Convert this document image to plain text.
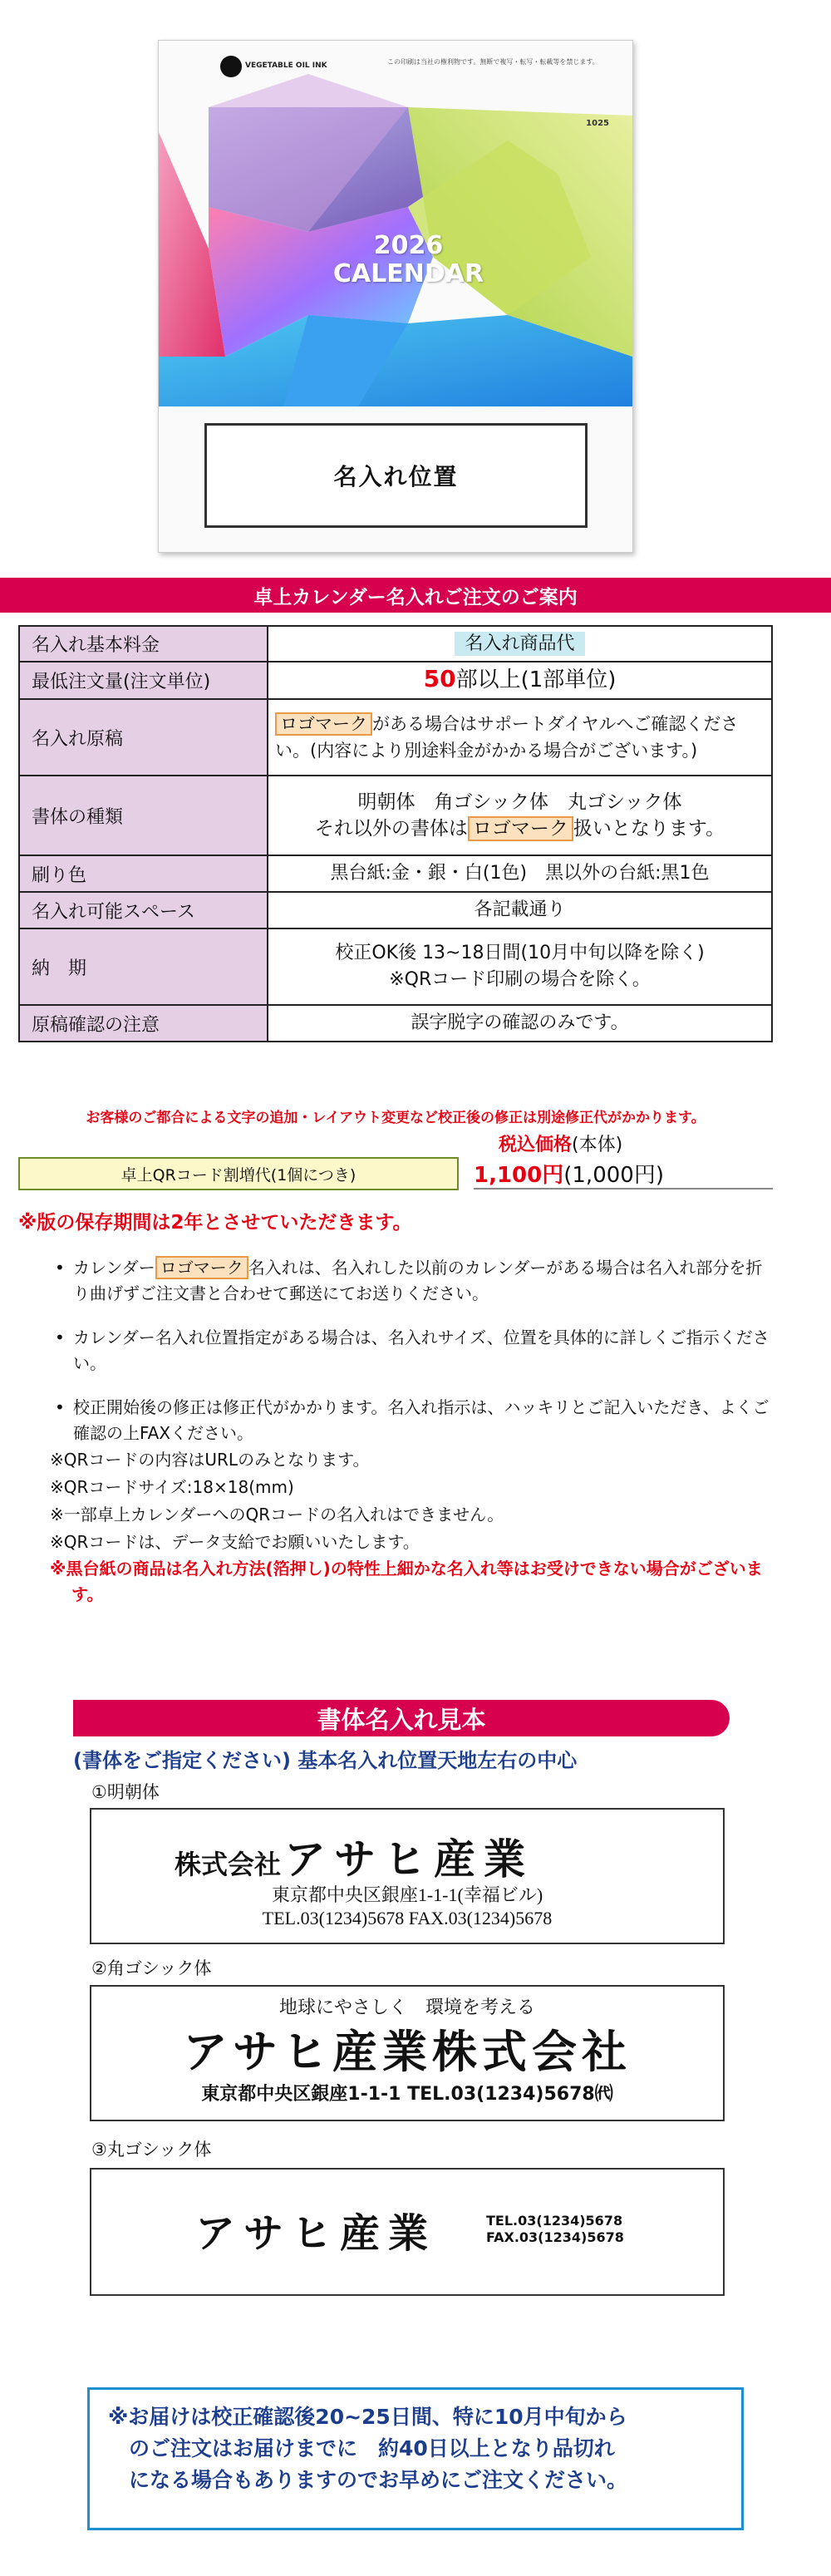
VEGETABLE OIL INK	この印刷は当社の権利物です。無断で複写・転写・転載等を禁じます。
1025
2026
CALENDAR
名入れ位置
卓上カレンダー名入れご注文のご案内
名入れ基本料金	名入れ商品代
最低注文量(注文単位)	50部以上(1部単位)
名入れ原稿	ロゴマーク がある場合はサポートダイヤルへご確認くださ
い。(内容により別途料金がかかる場合がございます。)

書体の種類	明朝体　角ゴシック体　丸ゴシック体
それ以外の書体は ロゴマーク 扱いとなります。

刷り色	黒台紙:金・銀・白(1色)　黒以外の台紙:黒1色
名入れ可能スペース	各記載通り
納　期	校正OK後 13~18日間(10月中旬以降を除く)
※QRコード印刷の場合を除く。

原稿確認の注意	誤字脱字の確認のみです。
お客様のご都合による文字の追加・レイアウト変更など校正後の修正は別途修正代がかかります。
税込価格(本体)
卓上QRコード割増代(1個につき)	1,100円 (1,000円)
※版の保存期間は2年とさせていただきます。
• カレンダー ロゴマーク 名入れは、名入れした以前のカレンダーがある場合は名入れ部分を折り曲げずご注文書と合わせて郵送にてお送りください。
• カレンダー名入れ位置指定がある場合は、名入れサイズ、位置を具体的に詳しくご指示ください。
• 校正開始後の修正は修正代がかかります。名入れ指示は、ハッキリとご記入いただき、よくご確認の上FAXください。
※QRコードの内容はURLのみとなります。
※QRコードサイズ:18×18(mm)
※一部卓上カレンダーへのQRコードの名入れはできません。
※QRコードは、データ支給でお願いいたします。
※黒台紙の商品は名入れ方法(箔押し)の特性上細かな名入れ等はお受けできない場合がございます。
書体名入れ見本
(書体をご指定ください) 基本名入れ位置天地左右の中心
①明朝体
株式会社 アサヒ産業
東京都中央区銀座1-1-1(幸福ビル)
TEL.03(1234)5678 FAX.03(1234)5678
②角ゴシック体
地球にやさしく　環境を考える
アサヒ産業株式会社
東京都中央区銀座1-1-1 TEL.03(1234)5678㈹
③丸ゴシック体
アサヒ産業	TEL.03(1234)5678
FAX.03(1234)5678
※お届けは校正確認後20~25日間、特に10月中旬から
　のご注文はお届けまでに　約40日以上となり品切れ
　になる場合もありますのでお早めにご注文ください。
